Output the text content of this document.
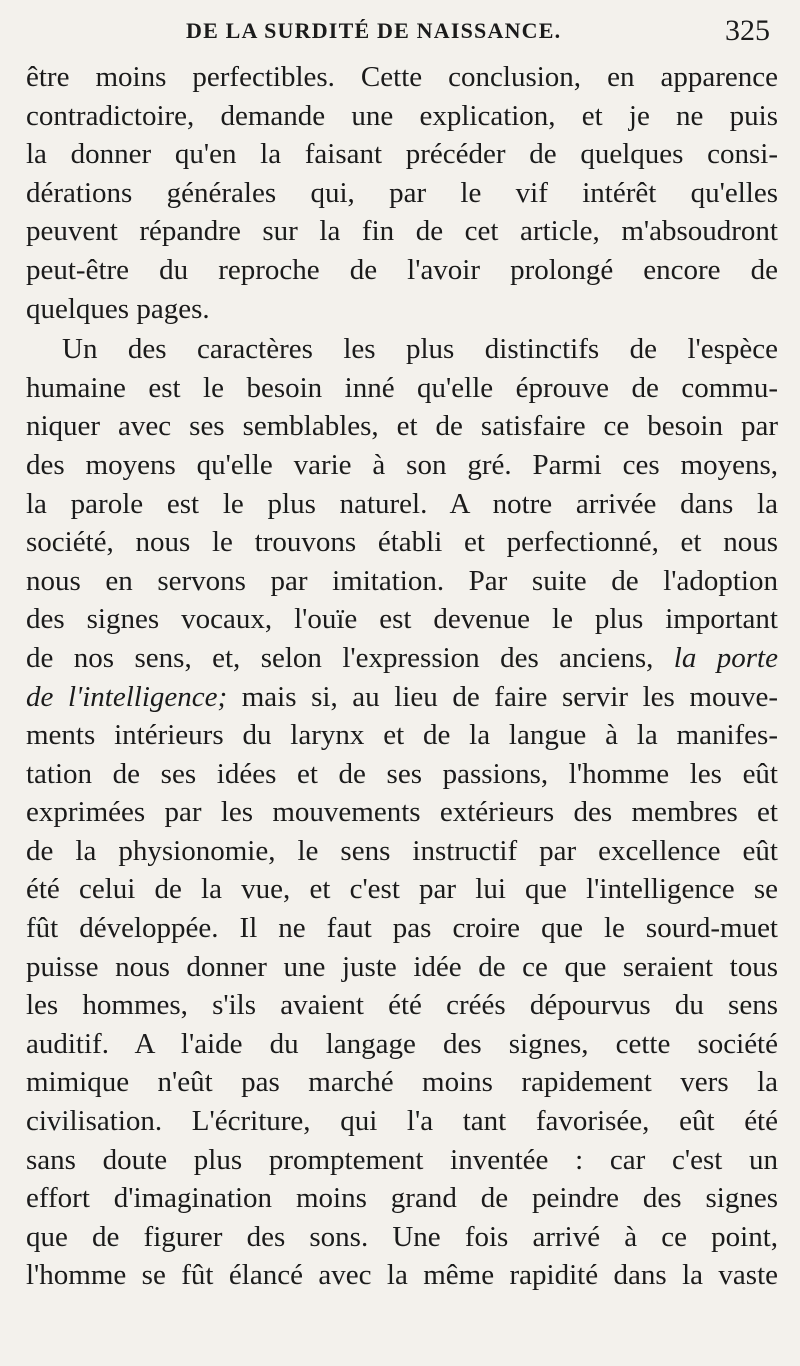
DE LA SURDITÉ DE NAISSANCE.	325
être moins perfectibles. Cette conclusion, en apparence
contradictoire, demande une explication, et je ne puis
la donner qu'en la faisant précéder de quelques consi-
dérations générales qui, par le vif intérêt qu'elles
peuvent répandre sur la fin de cet article, m'absoudront
peut-être du reproche de l'avoir prolongé encore de
quelques pages.
Un des caractères les plus distinctifs de l'espèce
humaine est le besoin inné qu'elle éprouve de commu-
niquer avec ses semblables, et de satisfaire ce besoin par
des moyens qu'elle varie à son gré. Parmi ces moyens,
la parole est le plus naturel. A notre arrivée dans la
société, nous le trouvons établi et perfectionné, et nous
nous en servons par imitation. Par suite de l'adoption
des signes vocaux, l'ouïe est devenue le plus important
de nos sens, et, selon l'expression des anciens, la porte
de l'intelligence; mais si, au lieu de faire servir les mouve-
ments intérieurs du larynx et de la langue à la manifes-
tation de ses idées et de ses passions, l'homme les eût
exprimées par les mouvements extérieurs des membres et
de la physionomie, le sens instructif par excellence eût
été celui de la vue, et c'est par lui que l'intelligence se
fût développée. Il ne faut pas croire que le sourd-muet
puisse nous donner une juste idée de ce que seraient tous
les hommes, s'ils avaient été créés dépourvus du sens
auditif. A l'aide du langage des signes, cette société
mimique n'eût pas marché moins rapidement vers la
civilisation. L'écriture, qui l'a tant favorisée, eût été
sans doute plus promptement inventée : car c'est un
effort d'imagination moins grand de peindre des signes
que de figurer des sons. Une fois arrivé à ce point,
l'homme se fût élancé avec la même rapidité dans la vaste
